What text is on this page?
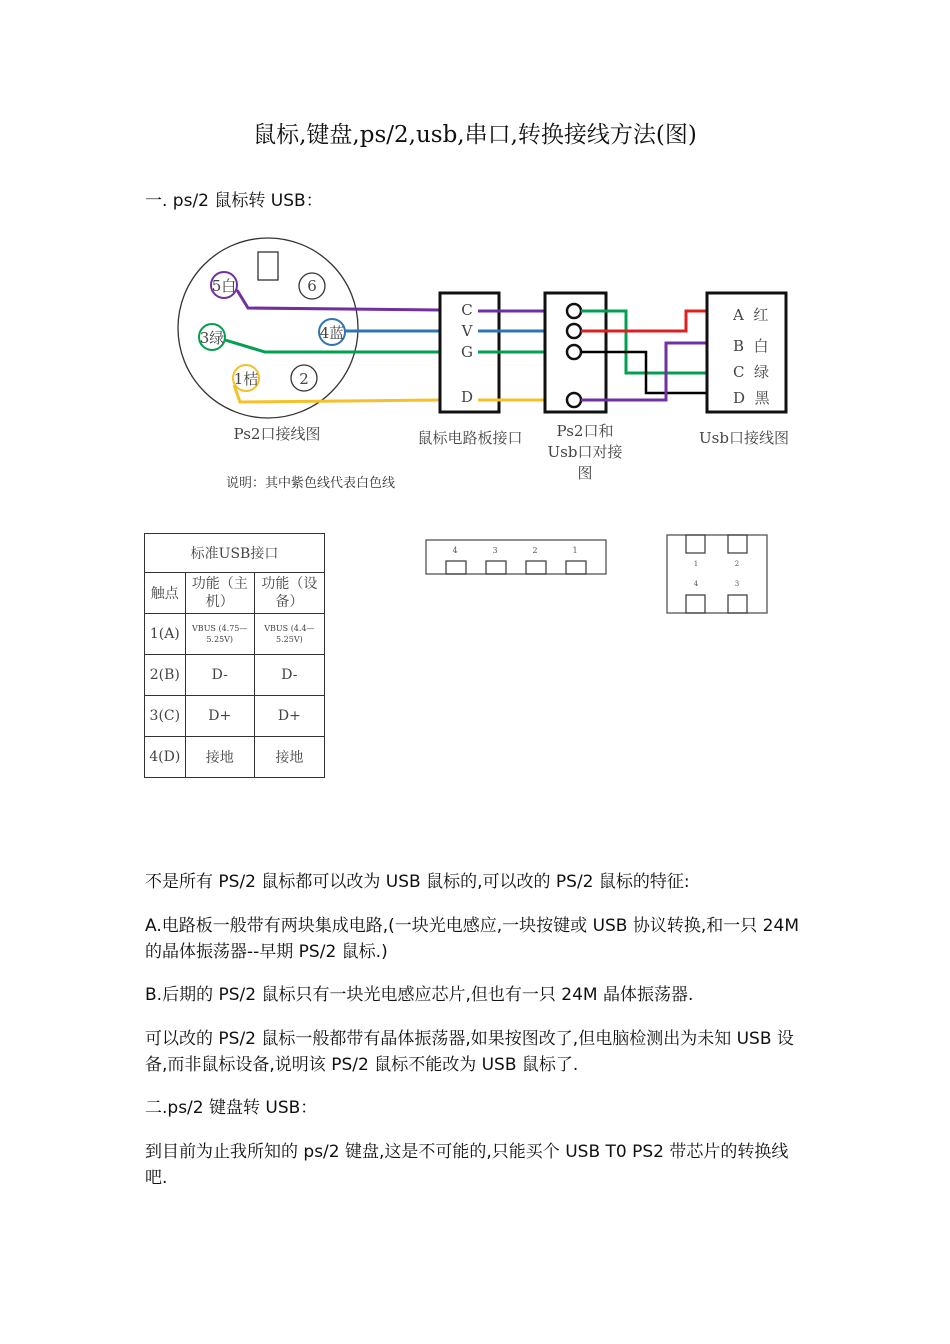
鼠标,键盘,ps/2,usb,串口,转换接线方法(图)
一. ps/2 鼠标转 USB：
5白	6
3绿	4蓝
1桔	2
C
V
G
D
A  红
B  白
C  绿
D  黑
Ps2口接线图	鼠标电路板接口 Ps2口和
Usb口对接
图
Usb口接线图
说明：其中紫色线代表白色线
标准USB接口		
触点	功能（主机）	功能（设备）
1(A)	VBUS (4.75—5.25V)	VBUS (4.4—5.25V)
2(B)	D-	D-
3(C)	D+	D+
4(D)	接地	接地
4	3	2	1
1	2
4	3
不是所有 PS/2 鼠标都可以改为 USB 鼠标的,可以改的 PS/2 鼠标的特征:
A.电路板一般带有两块集成电路,(一块光电感应,一块按键或 USB 协议转换,和一只 24M 的晶体振荡器--早期 PS/2 鼠标.)
B.后期的 PS/2 鼠标只有一块光电感应芯片,但也有一只 24M 晶体振荡器.
可以改的 PS/2 鼠标一般都带有晶体振荡器,如果按图改了,但电脑检测出为未知 USB 设备,而非鼠标设备,说明该 PS/2 鼠标不能改为 USB 鼠标了.
二.ps/2 键盘转 USB：
到目前为止我所知的 ps/2 键盘,这是不可能的,只能买个 USB T0 PS2 带芯片的转换线吧.
